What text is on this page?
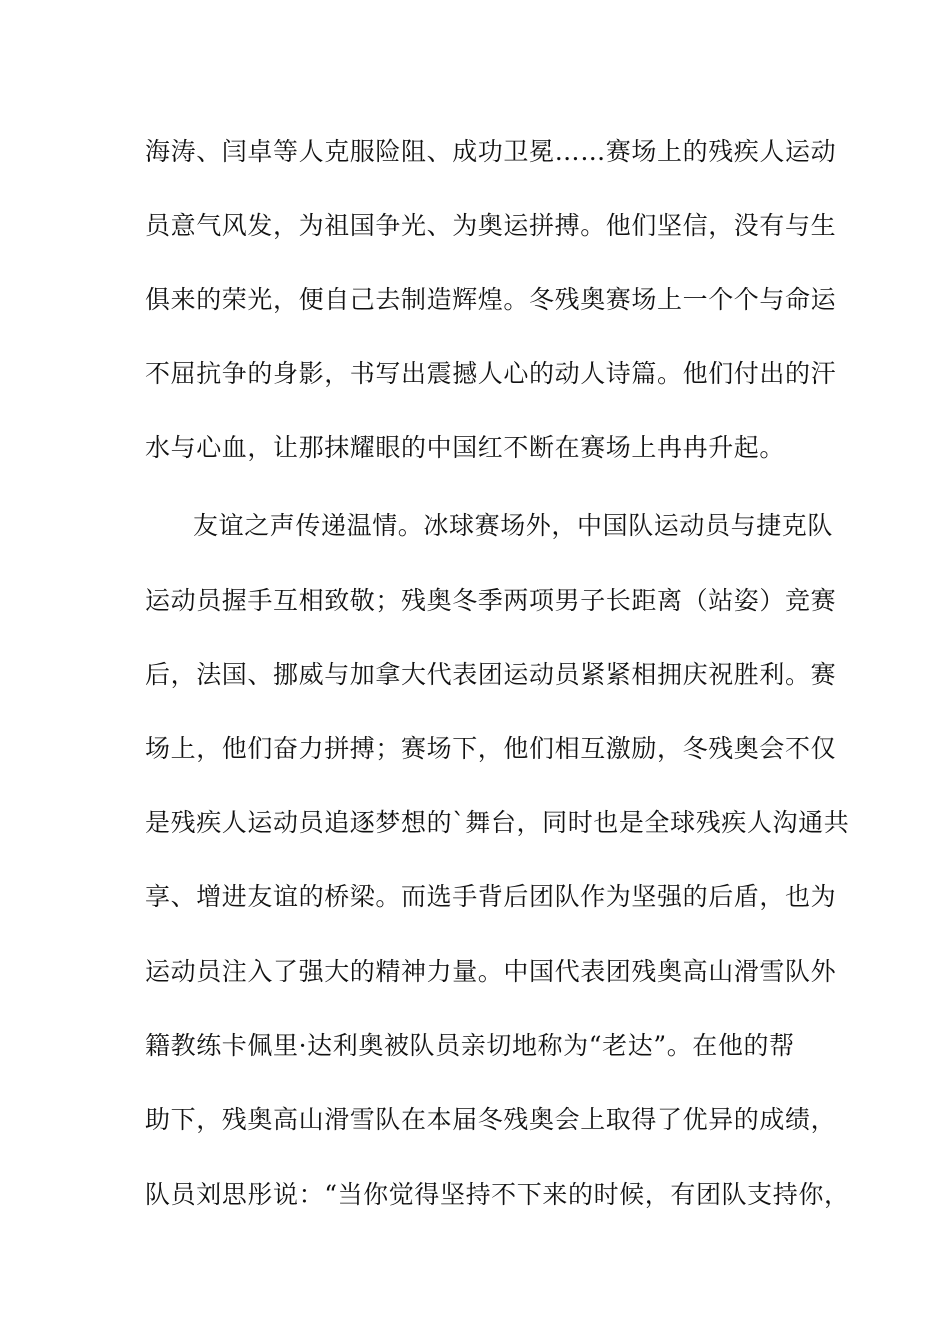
海涛、闫卓等人克服险阻、成功卫冕……赛场上的残疾人运动
员意气风发，为祖国争光、为奥运拼搏。他们坚信，没有与生
俱来的荣光，便自己去制造辉煌。冬残奥赛场上一个个与命运
不屈抗争的身影，书写出震撼人心的动人诗篇。他们付出的汗
水与心血，让那抹耀眼的中国红不断在赛场上冉冉升起。
友谊之声传递温情。冰球赛场外，中国队运动员与捷克队
运动员握手互相致敬；残奥冬季两项男子长距离（站姿）竞赛
后，法国、挪威与加拿大代表团运动员紧紧相拥庆祝胜利。赛
场上，他们奋力拼搏；赛场下，他们相互激励，冬残奥会不仅
是残疾人运动员追逐梦想的`舞台，同时也是全球残疾人沟通共
享、增进友谊的桥梁。而选手背后团队作为坚强的后盾，也为
运动员注入了强大的精神力量。中国代表团残奥高山滑雪队外
籍教练卡佩里·达利奥被队员亲切地称为“老达”。在他的帮
助下，残奥高山滑雪队在本届冬残奥会上取得了优异的成绩，
队员刘思彤说：“当你觉得坚持不下来的时候，有团队支持你，
